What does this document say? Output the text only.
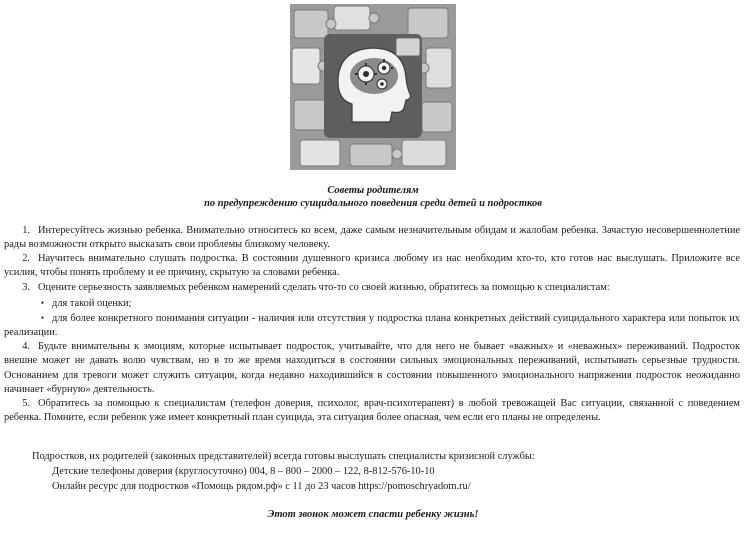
Советы родителям
по предупреждению суицидального поведения среди детей и подростков

1. Интересуйтесь жизнью ребенка. Внимательно относитесь ко всем, даже самым незначительным обидам и жалобам ребенка. Зачастую несовершеннолетние рады возможности открыто высказать свои проблемы близкому человеку.

2. Научитесь внимательно слушать подростка. В состоянии душевного кризиса любому из нас необходим кто-то, кто готов нас выслушать. Приложите все усилия, чтобы понять проблему и ее причину, скрытую за словами ребенка.

3. Оцените серьезность заявляемых ребенком намерений сделать что-то со своей жизнью, обратитесь за помощью к специалистам:

• для такой оценки;

• для более конкретного понимания ситуации - наличия или отсутствия у подростка плана конкретных действий суицидального характера или попыток их реализации.

4. Будьте внимательны к эмоциям, которые испытывает подросток, учитывайте, что для него не бывает «важных» и «неважных» переживаний. Подросток внешне может не давать волю чувствам, но в то же время находиться в состоянии сильных эмоциональных переживаний, испытывать серьезные трудности. Основанием для тревоги может служить ситуация, когда недавно находившийся в состоянии повышенного эмоционального напряжения подросток неожиданно начинает «бурную» деятельность.

5. Обратитесь за помощью к специалистам (телефон доверия, психолог, врач-психотерапевт) в любой тревожащей Вас ситуации, связанной с поведением ребенка. Помните, если ребенок уже имеет конкретный план суицида, эта ситуация более опасная, чем если его планы не определены.

Подростков, их родителей (законных представителей) всегда готовы выслушать специалисты кризисной службы:
Детские телефоны доверия (круглосуточно) 004, 8 – 800 – 2000 – 122, 8-812-576-10-10
Онлайн ресурс для подростков «Помощь рядом.рф» с 11 до 23 часов https://pomoschryadom.ru/
Этот звонок может спасти ребенку жизнь!
